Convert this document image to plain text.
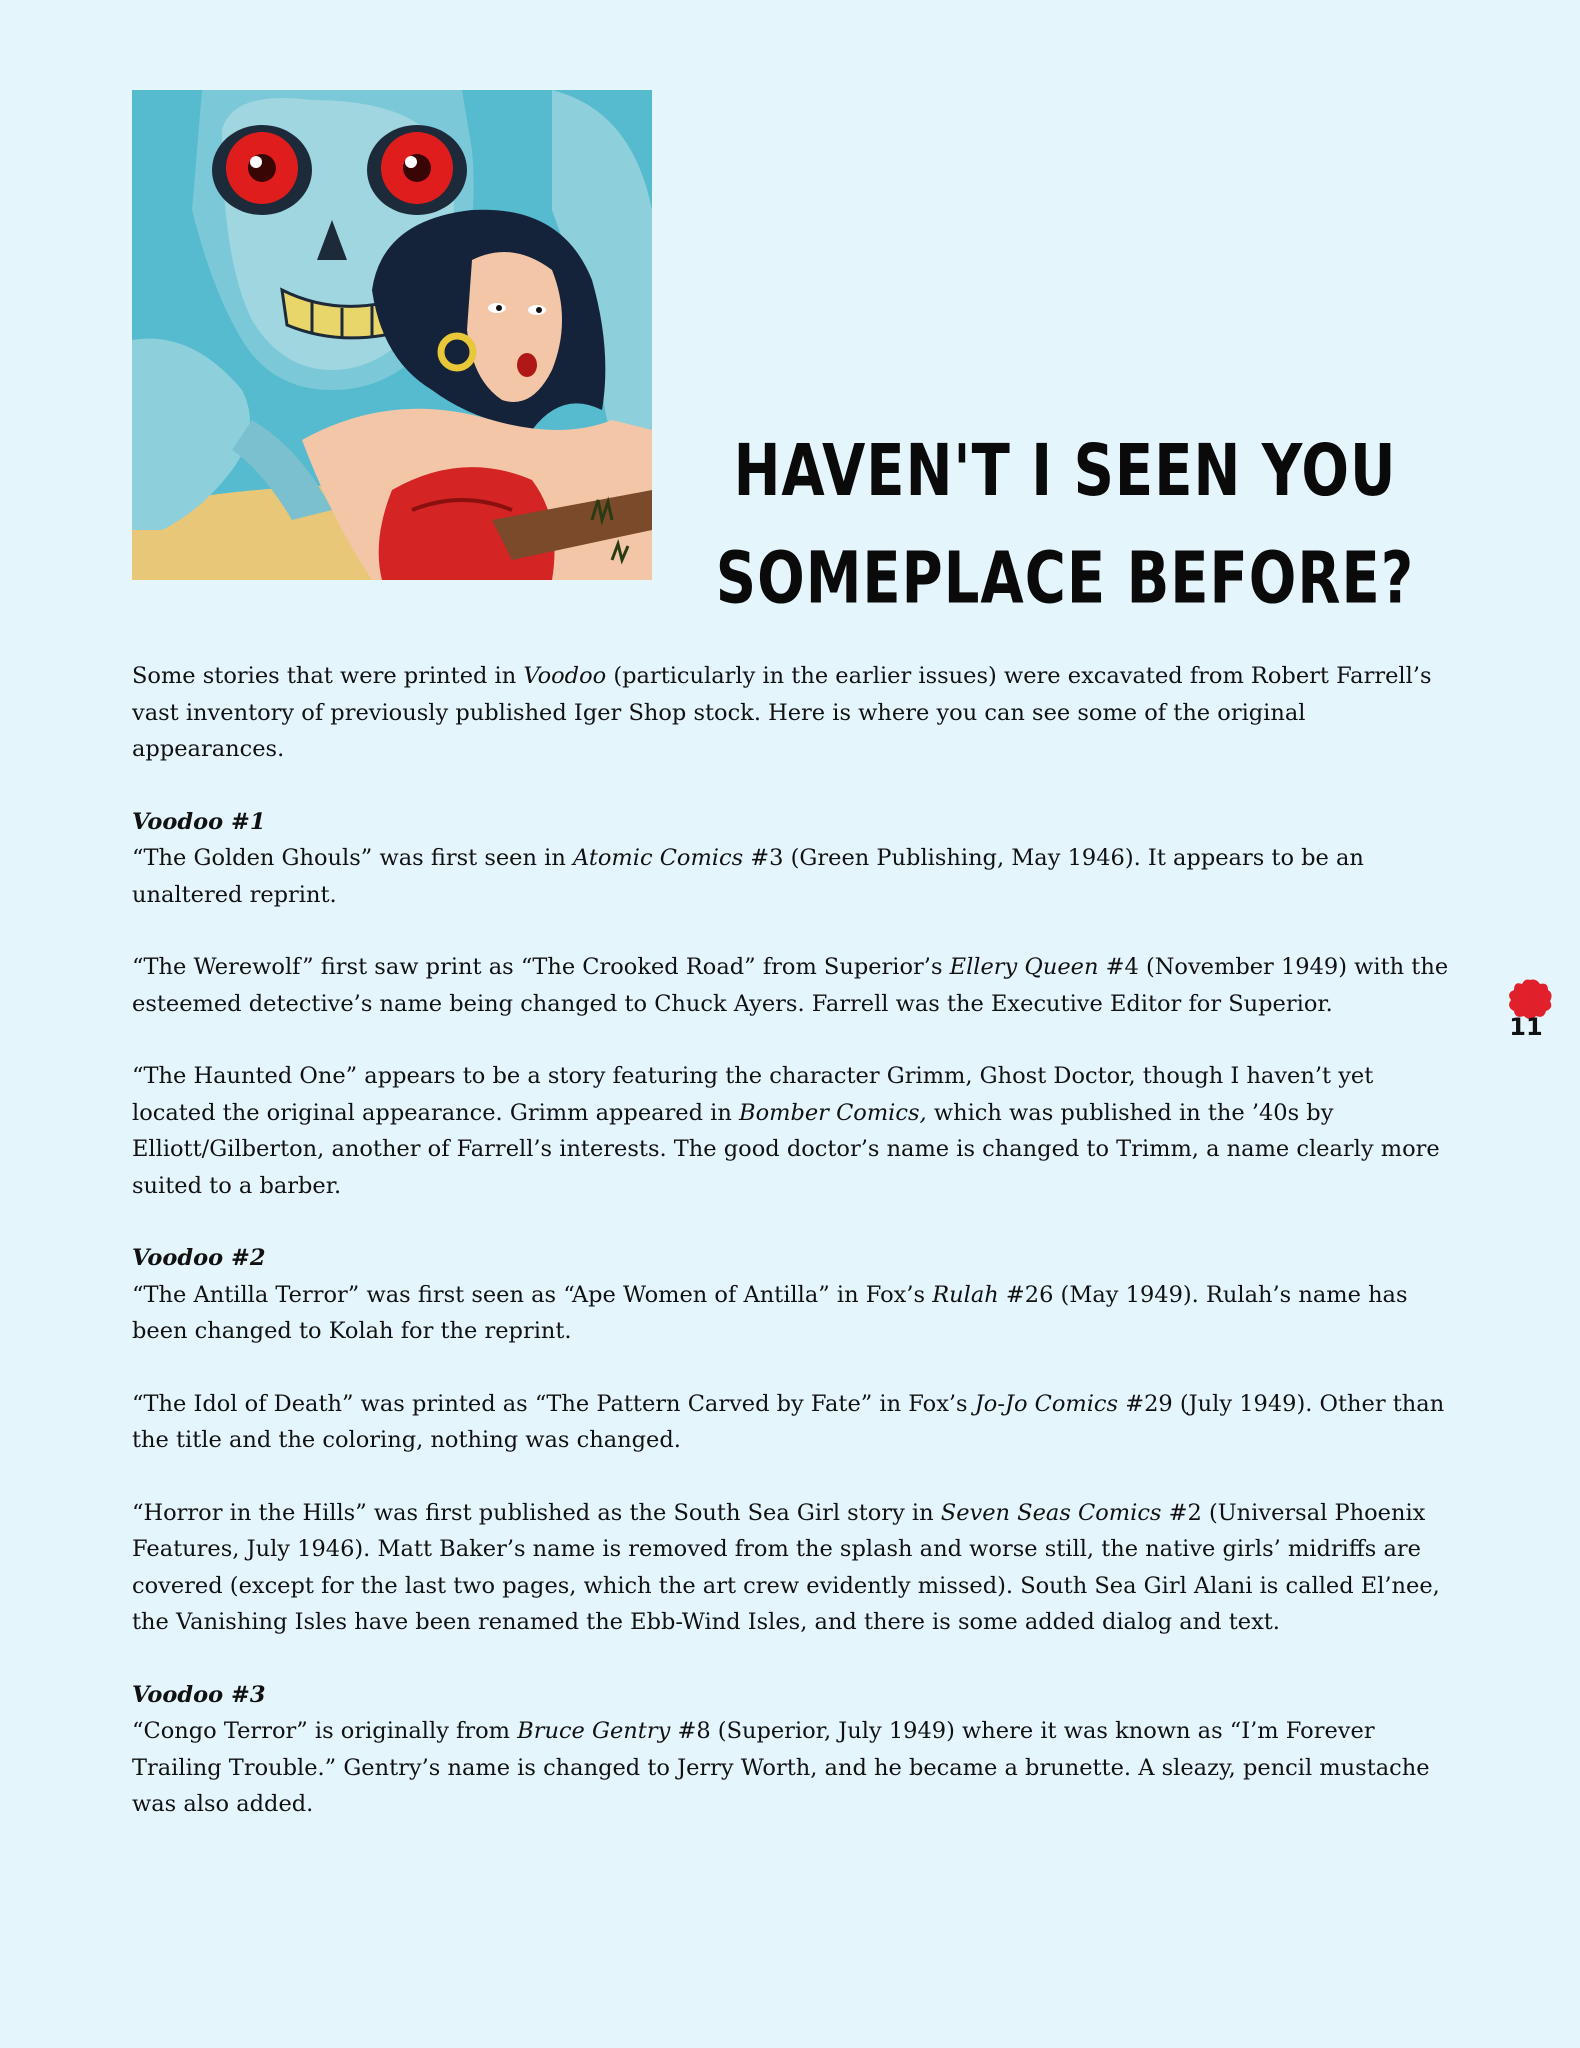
HAVEN'T I SEEN YOU
SOMEPLACE BEFORE?

Some stories that were printed in Voodoo (particularly in the earlier issues) were excavated from Robert Farrell’s vast inventory of previously published Iger Shop stock. Here is where you can see some of the original appearances.

Voodoo #1
“The Golden Ghouls” was first seen in Atomic Comics #3 (Green Publishing, May 1946). It appears to be an unaltered reprint.

“The Werewolf” first saw print as “The Crooked Road” from Superior’s Ellery Queen #4 (November 1949) with the esteemed detective’s name being changed to Chuck Ayers. Farrell was the Executive Editor for Superior.

“The Haunted One” appears to be a story featuring the character Grimm, Ghost Doctor, though I haven’t yet located the original appearance. Grimm appeared in Bomber Comics, which was published in the ’40s by Elliott/Gilberton, another of Farrell’s interests. The good doctor’s name is changed to Trimm, a name clearly more suited to a barber.

Voodoo #2
“The Antilla Terror” was first seen as “Ape Women of Antilla” in Fox’s Rulah #26 (May 1949). Rulah’s name has been changed to Kolah for the reprint.

“The Idol of Death” was printed as “The Pattern Carved by Fate” in Fox’s Jo-Jo Comics #29 (July 1949). Other than the title and the coloring, nothing was changed.

“Horror in the Hills” was first published as the South Sea Girl story in Seven Seas Comics #2 (Universal Phoenix Features, July 1946). Matt Baker’s name is removed from the splash and worse still, the native girls’ midriffs are covered (except for the last two pages, which the art crew evidently missed). South Sea Girl Alani is called El’nee, the Vanishing Isles have been renamed the Ebb-Wind Isles, and there is some added dialog and text.

Voodoo #3
“Congo Terror” is originally from Bruce Gentry #8 (Superior, July 1949) where it was known as “I’m Forever Trailing Trouble.” Gentry’s name is changed to Jerry Worth, and he became a brunette. A sleazy, pencil mustache was also added.

11
